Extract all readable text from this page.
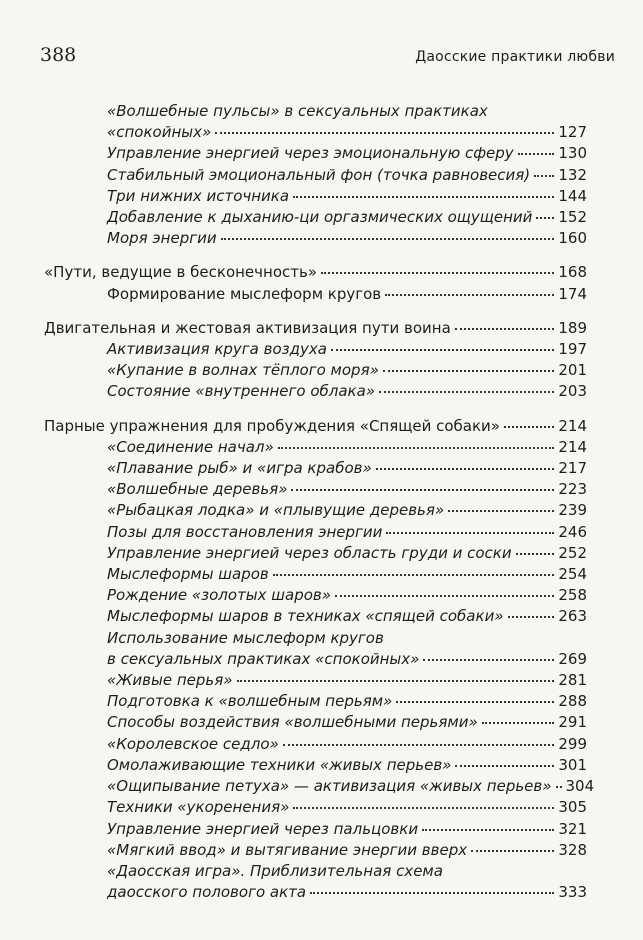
388	Даосские практики любви
«Волшебные пульсы» в сексуальных практиках
«спокойных»	127
Управление энергией через эмоциональную сферу	130
Стабильный эмоциональный фон (точка равновесия) 132
Три нижних источника	144
Добавление к дыханию-ци оргазмических ощущений 152
Моря энергии	160
«Пути, ведущие в бесконечность»	168
Формирование мыслеформ кругов	174
Двигательная и жестовая активизация пути воина	189
Активизация круга воздуха	197
«Купание в волнах тёплого моря»	201
Состояние «внутреннего облака»	203
Парные упражнения для пробуждения «Спящей собаки»	214
«Соединение начал»	214
«Плавание рыб» и «игра крабов»	217
«Волшебные деревья»	223
«Рыбацкая лодка» и «плывущие деревья»	239
Позы для восстановления энергии	246
Управление энергией через область груди и соски	252
Мыслеформы шаров	254
Рождение «золотых шаров»	258
Мыслеформы шаров в техниках «спящей собаки»	263
Использование мыслеформ кругов
в сексуальных практиках «спокойных»	269
«Живые перья»	281
Подготовка к «волшебным перьям»	288
Способы воздействия «волшебными перьями»	291
«Королевское седло»	299
Омолаживающие техники «живых перьев»	301
«Ощипывание петуха» — активизация «живых перьев» 304
Техники «укоренения»	305
Управление энергией через пальцовки	321
«Мягкий ввод» и вытягивание энергии вверх	328
«Даосская игра». Приблизительная схема
даосского полового акта	333
